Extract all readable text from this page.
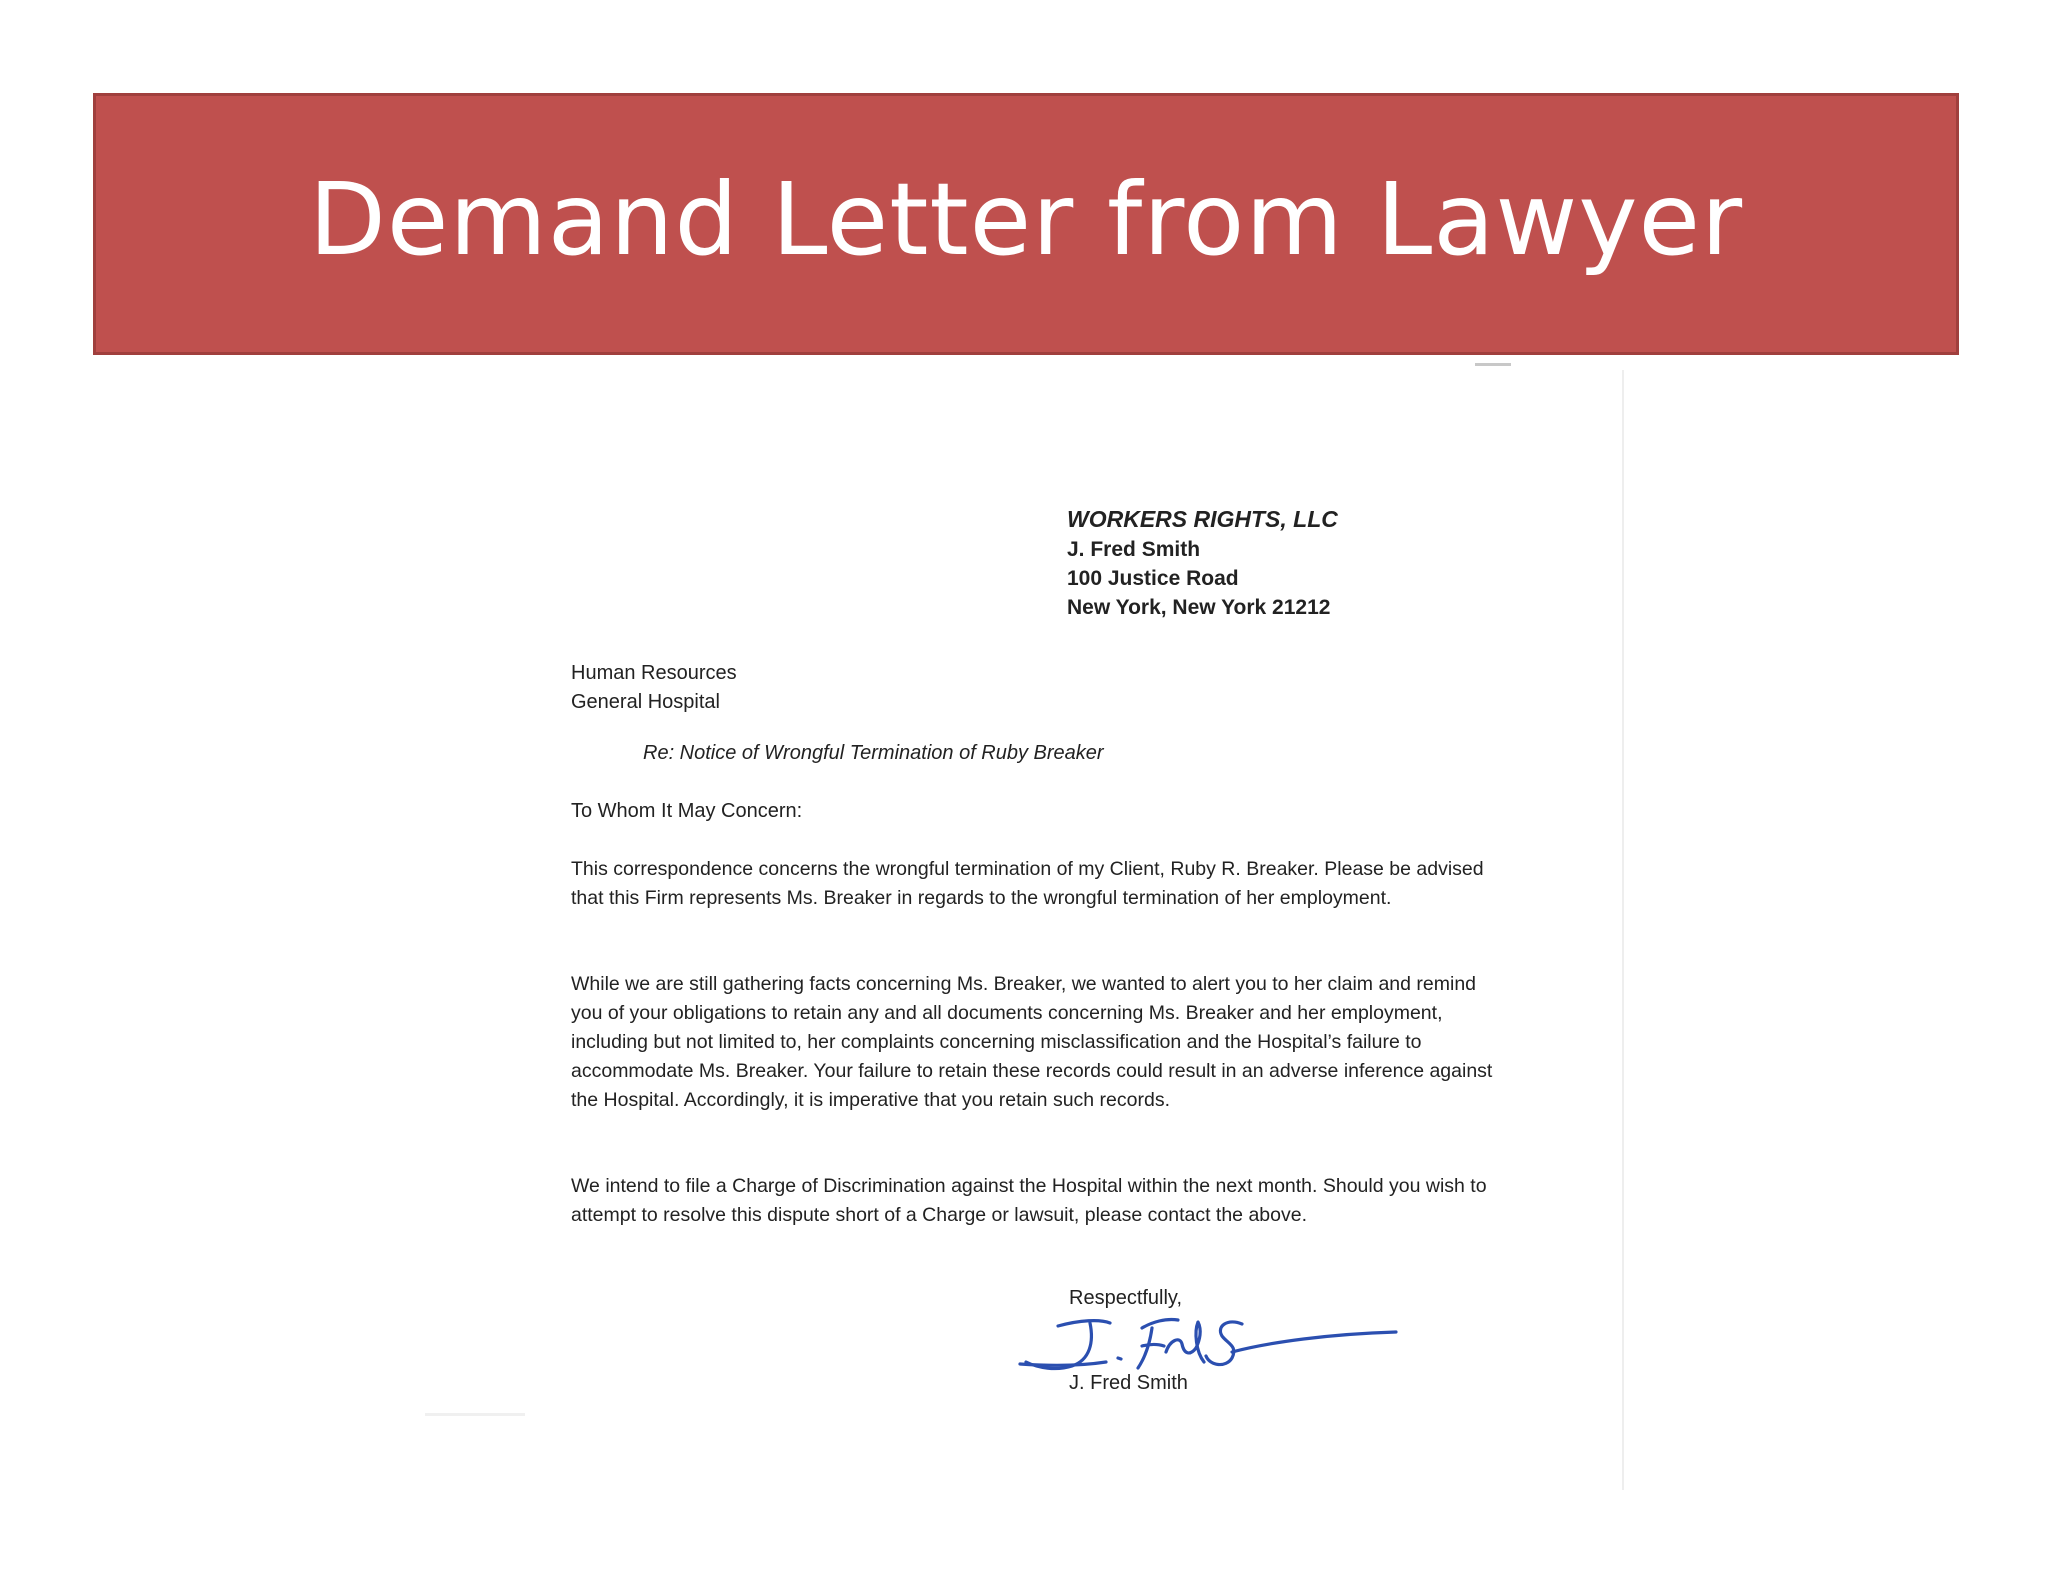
Demand Letter from Lawyer
WORKERS RIGHTS, LLC
J. Fred Smith
100 Justice Road
New York, New York 21212
Human Resources
General Hospital
Re: Notice of Wrongful Termination of Ruby Breaker
To Whom It May Concern:

This correspondence concerns the wrongful termination of my Client, Ruby R. Breaker. Please be advised that this Firm represents Ms. Breaker in regards to the wrongful termination of her employment.

While we are still gathering facts concerning Ms. Breaker, we wanted to alert you to her claim and remind you of your obligations to retain any and all documents concerning Ms. Breaker and her employment, including but not limited to, her complaints concerning misclassification and the Hospital’s failure to accommodate Ms. Breaker. Your failure to retain these records could result in an adverse inference against the Hospital. Accordingly, it is imperative that you retain such records.

We intend to file a Charge of Discrimination against the Hospital within the next month. Should you wish to attempt to resolve this dispute short of a Charge or lawsuit, please contact the above.

Respectfully,
J. Fred Smith
